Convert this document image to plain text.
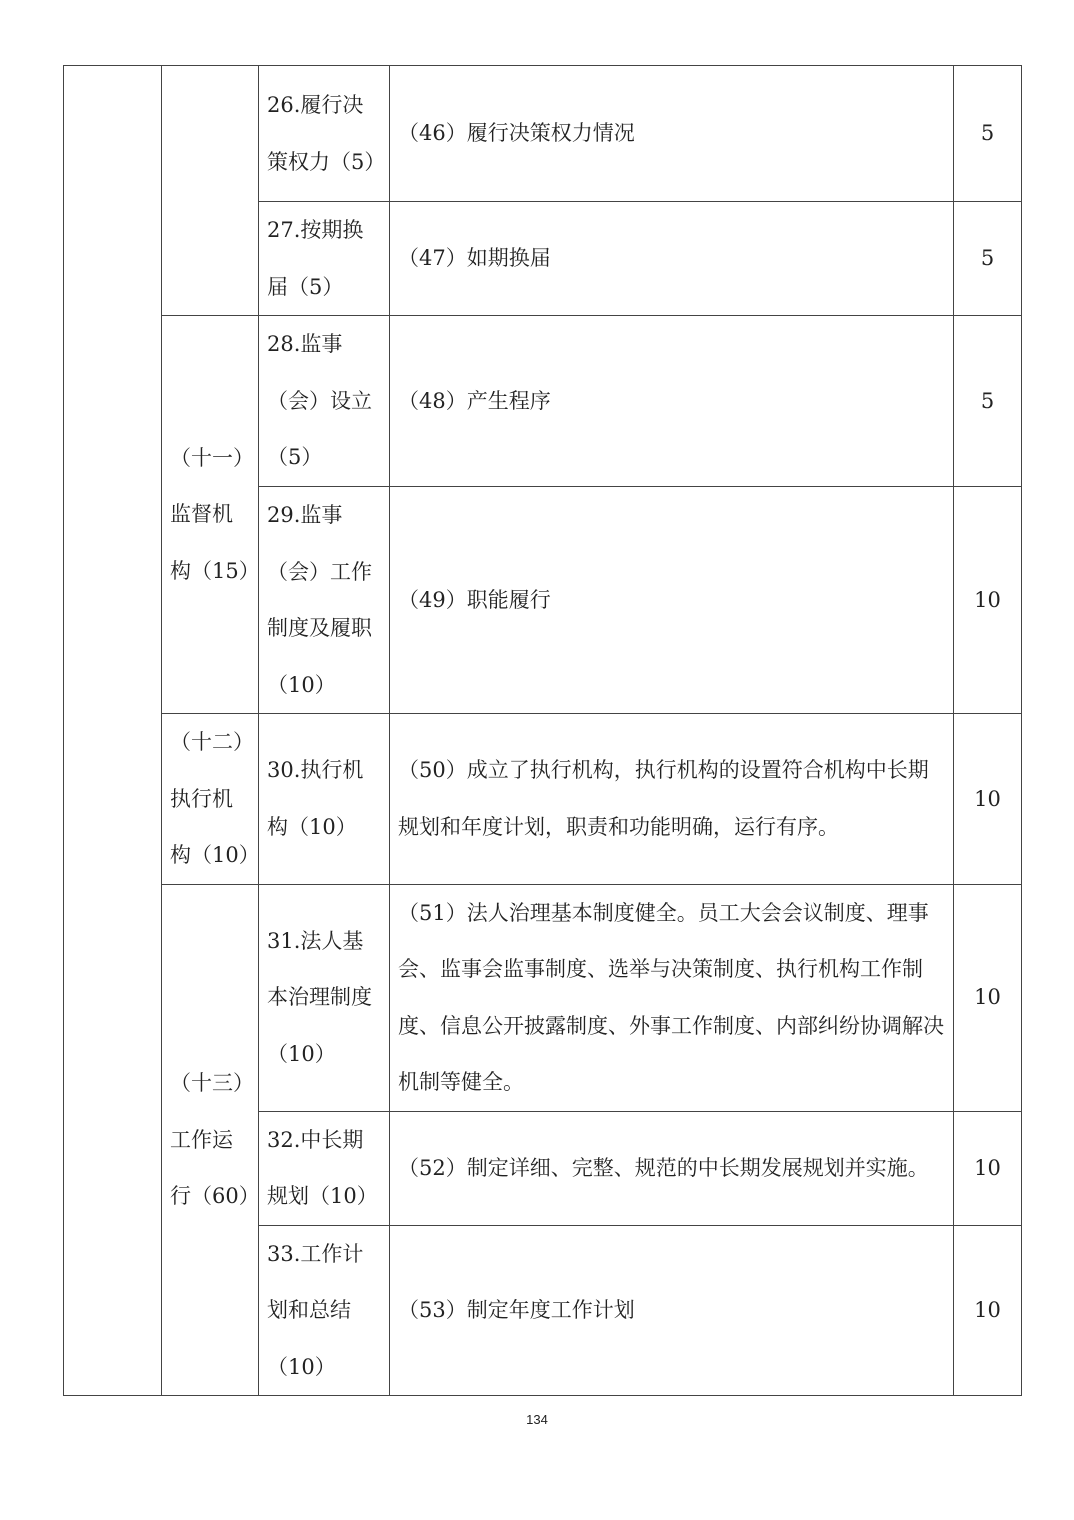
		26.履行决策权力（5）	（46）履行决策权力情况	5
		27.按期换届（5）	（47）如期换届	5
	（十一）监督机构（15）	28.监事（会）设立（5）	（48）产生程序	5
		29.监事（会）工作制度及履职（10）	（49）职能履行	10
	（十二）执行机构（10）	30.执行机构（10）	（50）成立了执行机构，执行机构的设置符合机构中长期规划和年度计划，职责和功能明确，运行有序。	10
	（十三）工作运行（60）	31.法人基本治理制度（10）	（51）法人治理基本制度健全。员工大会会议制度、理事会、监事会监事制度、选举与决策制度、执行机构工作制度、信息公开披露制度、外事工作制度、内部纠纷协调解决机制等健全。	10
		32.中长期规划（10）	（52）制定详细、完整、规范的中长期发展规划并实施。	10
		33.工作计划和总结（10）	（53）制定年度工作计划	10
134
